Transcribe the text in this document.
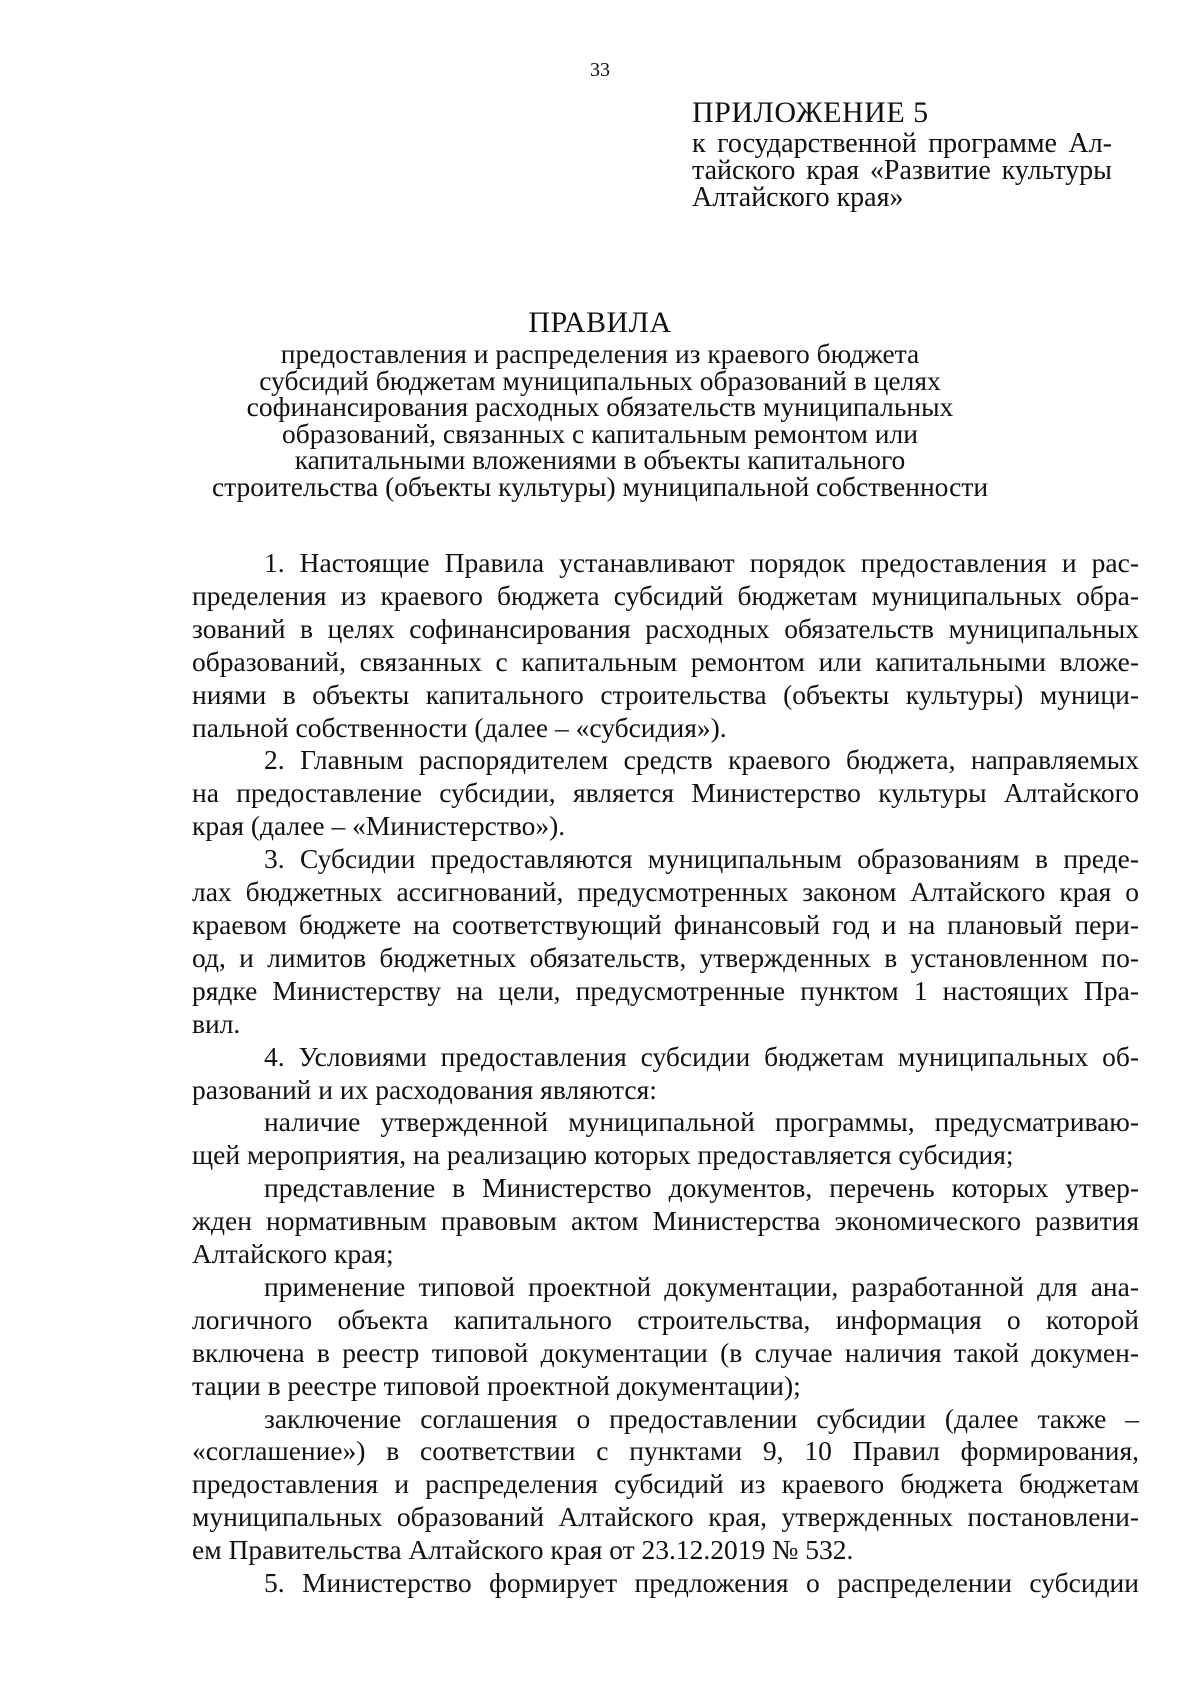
33
ПРИЛОЖЕНИЕ 5
к государственной программе Ал-
тайского края «Развитие культуры
Алтайского края»
ПРАВИЛА
предоставления и распределения из краевого бюджета
субсидий бюджетам муниципальных образований в целях
софинансирования расходных обязательств муниципальных
образований, связанных с капитальным ремонтом или
капитальными вложениями в объекты капитального
строительства (объекты культуры) муниципальной собственности
1. Настоящие Правила устанавливают порядок предоставления и рас-
пределения из краевого бюджета субсидий бюджетам муниципальных обра-
зований в целях софинансирования расходных обязательств муниципальных
образований, связанных с капитальным ремонтом или капитальными вложе-
ниями в объекты капитального строительства (объекты культуры) муници-
пальной собственности (далее – «субсидия»).
2. Главным распорядителем средств краевого бюджета, направляемых
на предоставление субсидии, является Министерство культуры Алтайского
края (далее – «Министерство»).
3. Субсидии предоставляются муниципальным образованиям в преде-
лах бюджетных ассигнований, предусмотренных законом Алтайского края о
краевом бюджете на соответствующий финансовый год и на плановый пери-
од, и лимитов бюджетных обязательств, утвержденных в установленном по-
рядке Министерству на цели, предусмотренные пунктом 1 настоящих Пра-
вил.
4. Условиями предоставления субсидии бюджетам муниципальных об-
разований и их расходования являются:
наличие утвержденной муниципальной программы, предусматриваю-
щей мероприятия, на реализацию которых предоставляется субсидия;
представление в Министерство документов, перечень которых утвер-
жден нормативным правовым актом Министерства экономического развития
Алтайского края;
применение типовой проектной документации, разработанной для ана-
логичного объекта капитального строительства, информация о которой
включена в реестр типовой документации (в случае наличия такой докумен-
тации в реестре типовой проектной документации);
заключение соглашения о предоставлении субсидии (далее также –
«соглашение») в соответствии с пунктами 9, 10 Правил формирования,
предоставления и распределения субсидий из краевого бюджета бюджетам
муниципальных образований Алтайского края, утвержденных постановлени-
ем Правительства Алтайского края от 23.12.2019 № 532.
5. Министерство формирует предложения о распределении субсидии
